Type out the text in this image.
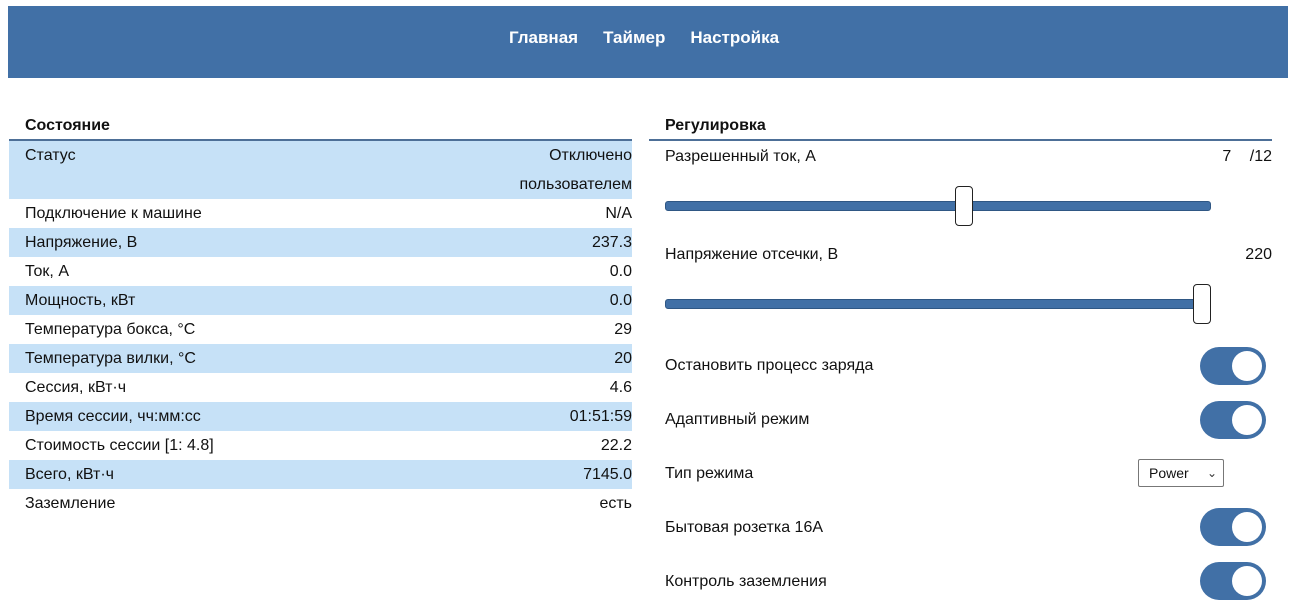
Главная Таймер Настройка
Состояние
Статус	Отключено пользователем
Подключение к машине	N/A
Напряжение, В	237.3
Ток, А	0.0
Мощность, кВт	0.0
Температура бокса, °C	29
Температура вилки, °C	20
Сессия, кВт·ч	4.6
Время сессии, чч:мм:сс	01:51:59
Стоимость сессии [1: 4.8]	22.2
Всего, кВт·ч	7145.0
Заземление	есть
Регулировка
Разрешенный ток, А	7 /12
Напряжение отсечки, В	220
Остановить процесс заряда
Адаптивный режим
Тип режима	Power ⌄
Бытовая розетка 16А
Контроль заземления
